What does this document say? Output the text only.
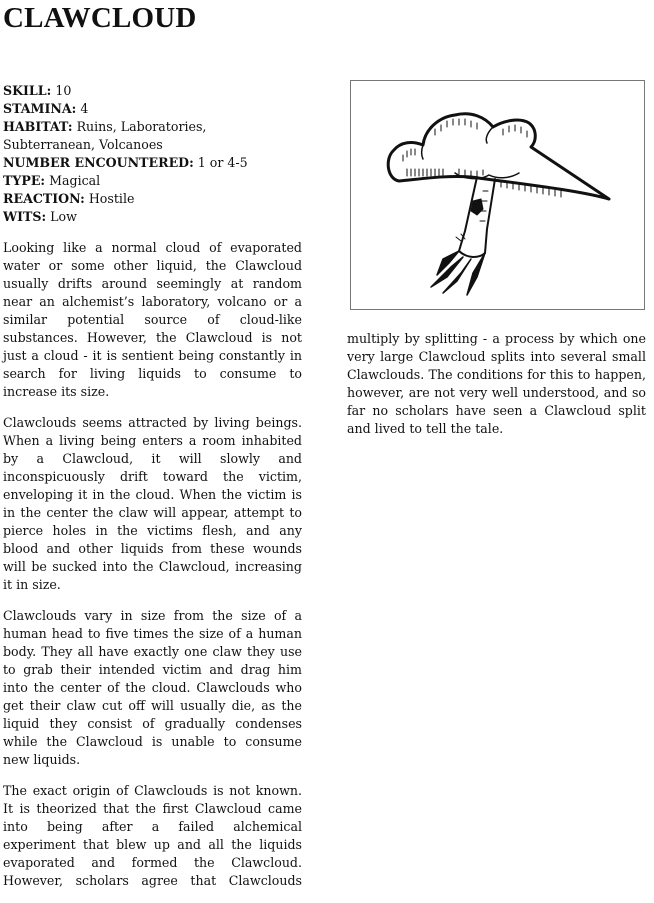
CLAWCLOUD

SKILL: 10

STAMINA: 4

HABITAT: Ruins, Laboratories, Subterranean, Volcanoes

NUMBER ENCOUNTERED: 1 or 4-5

TYPE: Magical

REACTION: Hostile

WITS: Low

Looking like a normal cloud of evaporated water or some other liquid, the Clawcloud usually drifts around seemingly at random near an alchemist’s laboratory, volcano or a similar potential source of cloud-like substances. However, the Clawcloud is not just a cloud - it is sentient being constantly in search for living liquids to consume to increase its size.

Clawclouds seems attracted by living beings. When a living being enters a room inhabited by a Clawcloud, it will slowly and inconspicuously drift toward the victim, enveloping it in the cloud. When the victim is in the center the claw will appear, attempt to pierce holes in the victims flesh, and any blood and other liquids from these wounds will be sucked into the Clawcloud, increasing it in size.

Clawclouds vary in size from the size of a human head to five times the size of a human body. They all have exactly one claw they use to grab their intended victim and drag him into the center of the cloud. Clawclouds who get their claw cut off will usually die, as the liquid they consist of gradually condenses while the Clawcloud is unable to consume new liquids.

The exact origin of Clawclouds is not known. It is theorized that the first Clawcloud came into being after a failed alchemical experiment that blew up and all the liquids evaporated and formed the Clawcloud. However, scholars agree that Clawclouds

multiply by splitting - a process by which one very large Clawcloud splits into several small Clawclouds. The conditions for this to happen, however, are not very well understood, and so far no scholars have seen a Clawcloud split and lived to tell the tale.
